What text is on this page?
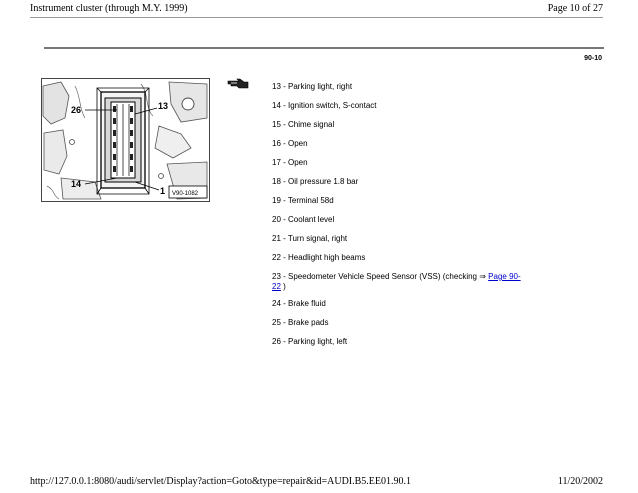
Instrument cluster (through M.Y. 1999)	Page 10 of 27
90-10
26	13
14
1 V90-1082
13 - Parking light, right
14 - Ignition switch, S-contact
15 - Chime signal
16 - Open
17 - Open
18 - Oil pressure 1.8 bar
19 - Terminal 58d
20 - Coolant level
21 - Turn signal, right
22 - Headlight high beams
23 - Speedometer Vehicle Speed Sensor (VSS) (checking ⇒ Page 90-
22 )
24 - Brake fluid
25 - Brake pads
26 - Parking light, left
http://127.0.0.1:8080/audi/servlet/Display?action=Goto&type=repair&id=AUDI.B5.EE01.90.1	11/20/2002
